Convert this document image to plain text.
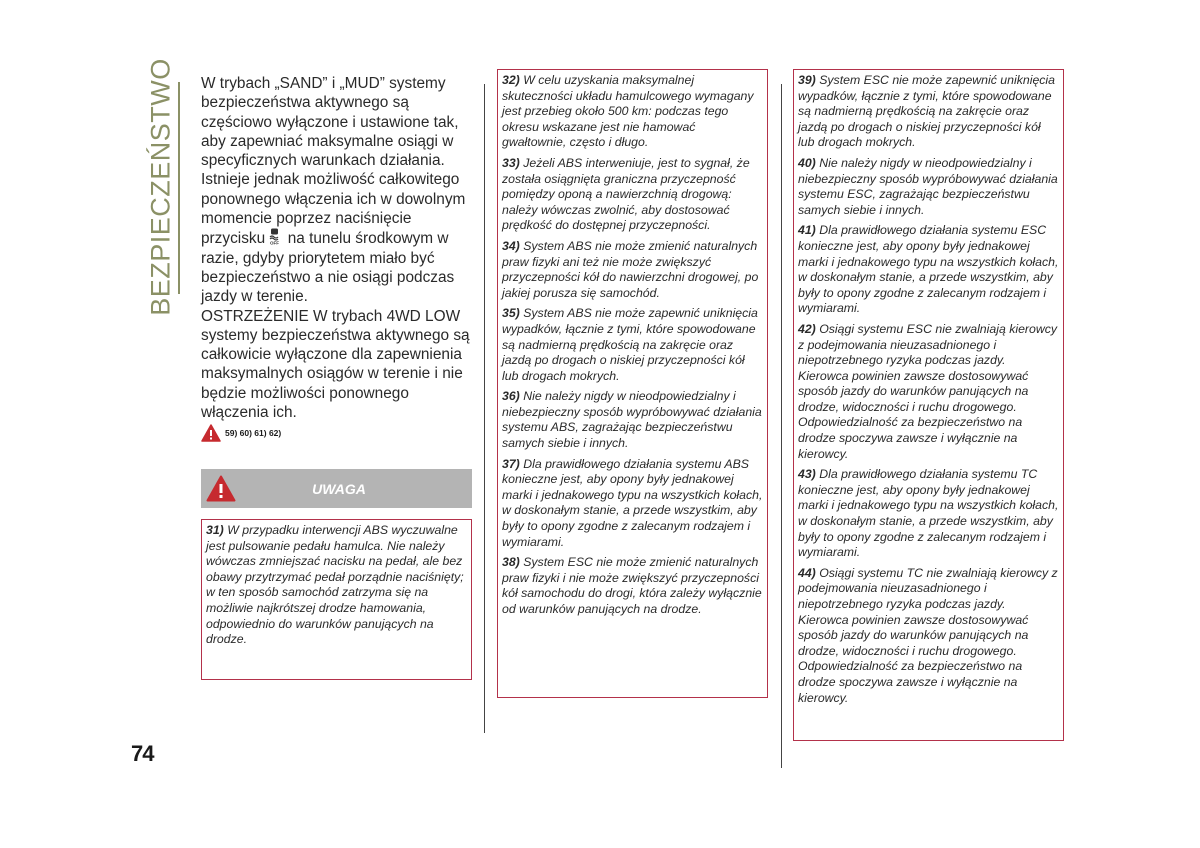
BEZPIECZEŃSTWO W trybach „SAND” i „MUD” systemy bezpieczeństwa aktywnego są częściowo wyłączone i ustawione tak, aby zapewniać maksymalne osiągi w specyficznych warunkach działania. Istnieje jednak możliwość całkowitego ponownego włączenia ich w dowolnym momencie poprzez naciśnięcie przycisku OFF na tunelu środkowym w razie, gdyby priorytetem miało być bezpieczeństwo a nie osiągi podczas jazdy w terenie.

OSTRZEŻENIE W trybach 4WD LOW systemy bezpieczeństwa aktywnego są całkowicie wyłączone dla zapewnienia maksymalnych osiągów w terenie i nie będzie możliwości ponownego włączenia ich.

59) 60) 61) 62)
UWAGA

31) W przypadku interwencji ABS wyczuwalne jest pulsowanie pedału hamulca. Nie należy wówczas zmniejszać nacisku na pedał, ale bez obawy przytrzymać pedał porządnie naciśnięty; w ten sposób samochód zatrzyma się na możliwie najkrótszej drodze hamowania, odpowiednio do warunków panujących na drodze.

32) W celu uzyskania maksymalnej skuteczności układu hamulcowego wymagany jest przebieg około 500 km: podczas tego okresu wskazane jest nie hamować gwałtownie, często i długo.

33) Jeżeli ABS interweniuje, jest to sygnał, że została osiągnięta graniczna przyczepność pomiędzy oponą a nawierzchnią drogową: należy wówczas zwolnić, aby dostosować prędkość do dostępnej przyczepności.

34) System ABS nie może zmienić naturalnych praw fizyki ani też nie może zwiększyć przyczepności kół do nawierzchni drogowej, po jakiej porusza się samochód.

35) System ABS nie może zapewnić uniknięcia wypadków, łącznie z tymi, które spowodowane są nadmierną prędkością na zakręcie oraz jazdą po drogach o niskiej przyczepności kół lub drogach mokrych.

36) Nie należy nigdy w nieodpowiedzialny i niebezpieczny sposób wypróbowywać działania systemu ABS, zagrażając bezpieczeństwu samych siebie i innych.

37) Dla prawidłowego działania systemu ABS konieczne jest, aby opony były jednakowej marki i jednakowego typu na wszystkich kołach, w doskonałym stanie, a przede wszystkim, aby były to opony zgodne z zalecanym rodzajem i wymiarami.

38) System ESC nie może zmienić naturalnych praw fizyki i nie może zwiększyć przyczepności kół samochodu do drogi, która zależy wyłącznie od warunków panujących na drodze.

39) System ESC nie może zapewnić uniknięcia wypadków, łącznie z tymi, które spowodowane są nadmierną prędkością na zakręcie oraz jazdą po drogach o niskiej przyczepności kół lub drogach mokrych.

40) Nie należy nigdy w nieodpowiedzialny i niebezpieczny sposób wypróbowywać działania systemu ESC, zagrażając bezpieczeństwu samych siebie i innych.

41) Dla prawidłowego działania systemu ESC konieczne jest, aby opony były jednakowej marki i jednakowego typu na wszystkich kołach, w doskonałym stanie, a przede wszystkim, aby były to opony zgodne z zalecanym rodzajem i wymiarami.

42) Osiągi systemu ESC nie zwalniają kierowcy z podejmowania nieuzasadnionego i niepotrzebnego ryzyka podczas jazdy. Kierowca powinien zawsze dostosowywać sposób jazdy do warunków panujących na drodze, widoczności i ruchu drogowego. Odpowiedzialność za bezpieczeństwo na drodze spoczywa zawsze i wyłącznie na kierowcy.

43) Dla prawidłowego działania systemu TC konieczne jest, aby opony były jednakowej marki i jednakowego typu na wszystkich kołach, w doskonałym stanie, a przede wszystkim, aby były to opony zgodne z zalecanym rodzajem i wymiarami.

44) Osiągi systemu TC nie zwalniają kierowcy z podejmowania nieuzasadnionego i niepotrzebnego ryzyka podczas jazdy. Kierowca powinien zawsze dostosowywać sposób jazdy do warunków panujących na drodze, widoczności i ruchu drogowego. Odpowiedzialność za bezpieczeństwo na drodze spoczywa zawsze i wyłącznie na kierowcy.

74
